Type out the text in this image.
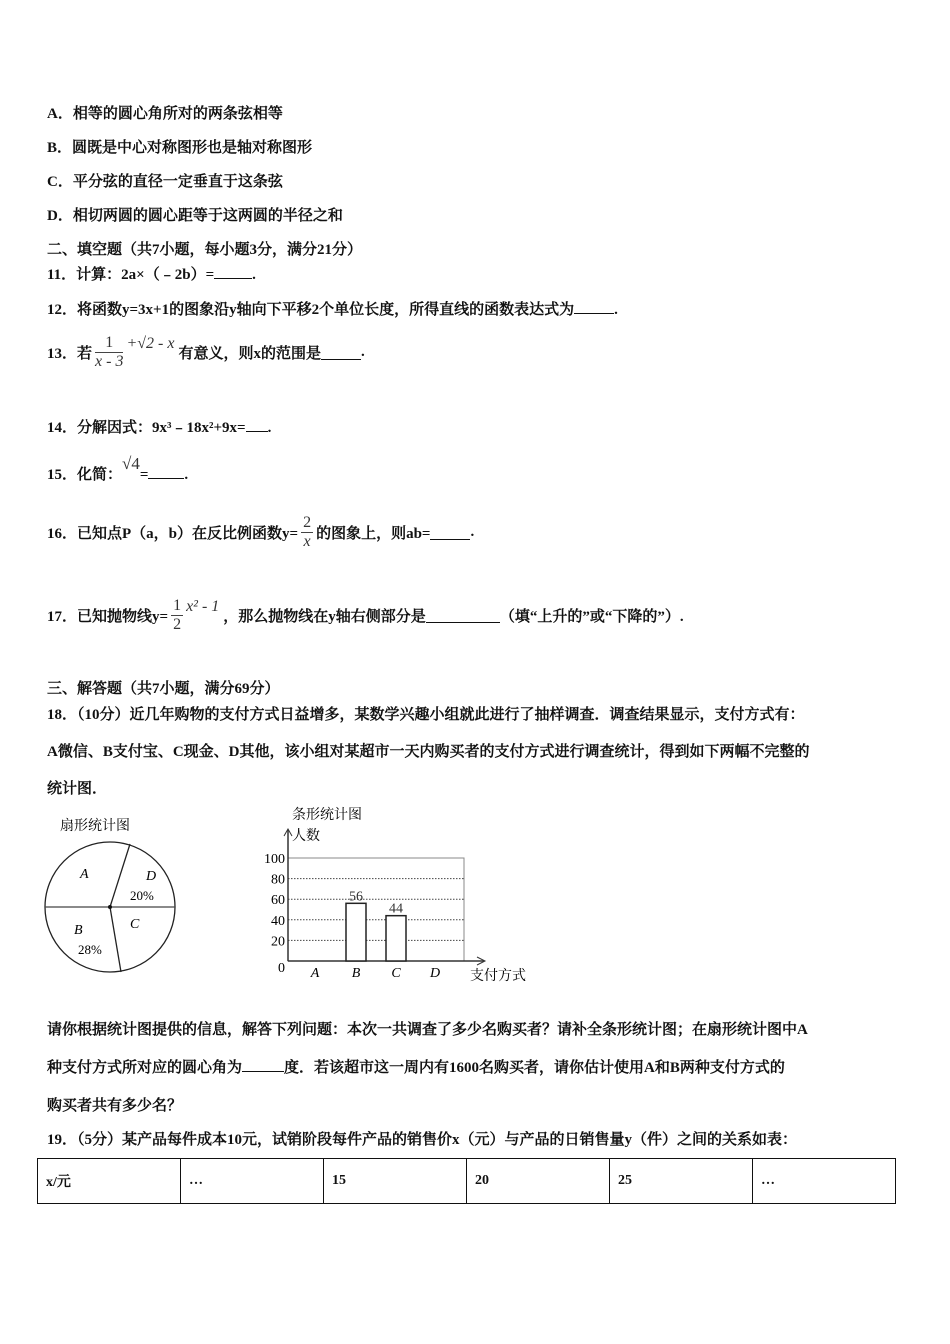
A．相等的圆心角所对的两条弦相等
B．圆既是中心对称图形也是轴对称图形
C．平分弦的直径一定垂直于这条弦
D．相切两圆的圆心距等于这两圆的半径之和
二、填空题（共7小题，每小题3分，满分21分）
11．计算：2a×（﹣2b）=	.
12．将函数y=3x+1的图象沿y轴向下平移2个单位长度，所得直线的函数表达式为	.
13．若 $\frac{1}{x - 3} +√2 - x$
有意义，则x的范围是	.
14．分解因式：9x³﹣18x²+9x= .
15．化简：√4= .
16．已知点P（a，b）在反比例函数$y= \frac{2}{x}$ 的图象上，则ab=	.
17．已知抛物线$y= \frac{1}{2} x^2 - 1$
，那么抛物线在y轴右侧部分是	（填“上升的”或“下降的”）.
三、解答题（共7小题，满分69分）
18．（10分）近几年购物的支付方式日益增多，某数学兴趣小组就此进行了抽样调查．调查结果显示，支付方式有：
A微信、B支付宝、C现金、D其他，该小组对某超市一天内购买者的支付方式进行调查统计，得到如下两幅不完整的
统计图．
扇形统计图
A	D
20%
C
B
28%
条形统计图
人数
支付方式
0
20
40
60
80
100
A B
56
C
44
D
请你根据统计图提供的信息，解答下列问题：本次一共调查了多少名购买者？请补全条形统计图；在扇形统计图中A
种支付方式所对应的圆心角为	度．若该超市这一周内有1600名购买者，请你估计使用A和B两种支付方式的
购买者共有多少名？
19．（5分）某产品每件成本10元，试销阶段每件产品的销售价x（元）与产品的日销售量y（件）之间的关系如表：
x/元	…	15	20	25	…
